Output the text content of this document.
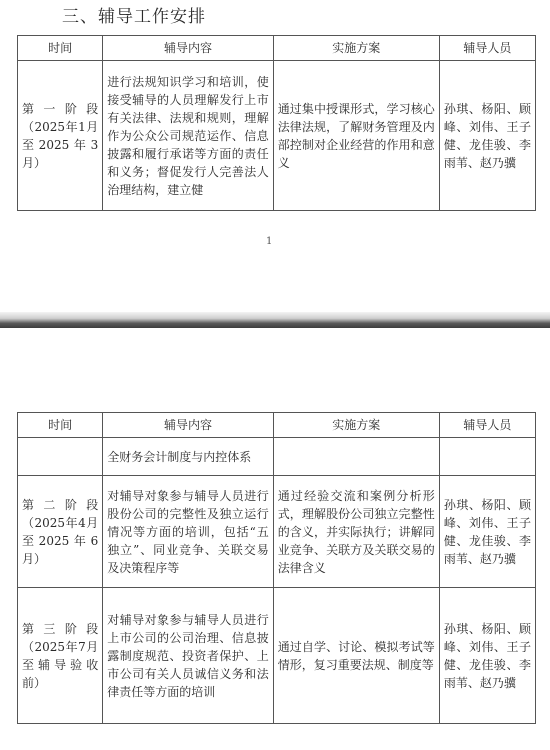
三、辅导工作安排
时间	辅导内容	实施方案	辅导人员
第一阶段（2025年1月至2025年3月）	进行法规知识学习和培训，使接受辅导的人员理解发行上市有关法律、法规和规则，理解作为公众公司规范运作、信息披露和履行承诺等方面的责任和义务；督促发行人完善法人治理结构，建立健	通过集中授课形式，学习核心法律法规，了解财务管理及内部控制对企业经营的作用和意义	孙琪、杨阳、顾峰、刘伟、王子健、龙佳骏、李雨苇、赵乃骥
1
时间	辅导内容	实施方案	辅导人员
	全财务会计制度与内控体系		
第二阶段（2025年4月至2025年6月）	对辅导对象参与辅导人员进行股份公司的完整性及独立运行情况等方面的培训，包括“五独立”、同业竞争、关联交易及决策程序等	通过经验交流和案例分析形式，理解股份公司独立完整性的含义，并实际执行；讲解同业竞争、关联方及关联交易的法律含义	孙琪、杨阳、顾峰、刘伟、王子健、龙佳骏、李雨苇、赵乃骥
第三阶段（2025年7月至辅导验收前）	对辅导对象参与辅导人员进行上市公司的公司治理、信息披露制度规范、投资者保护、上市公司有关人员诚信义务和法律责任等方面的培训	通过自学、讨论、模拟考试等情形，复习重要法规、制度等	孙琪、杨阳、顾峰、刘伟、王子健、龙佳骏、李雨苇、赵乃骥
